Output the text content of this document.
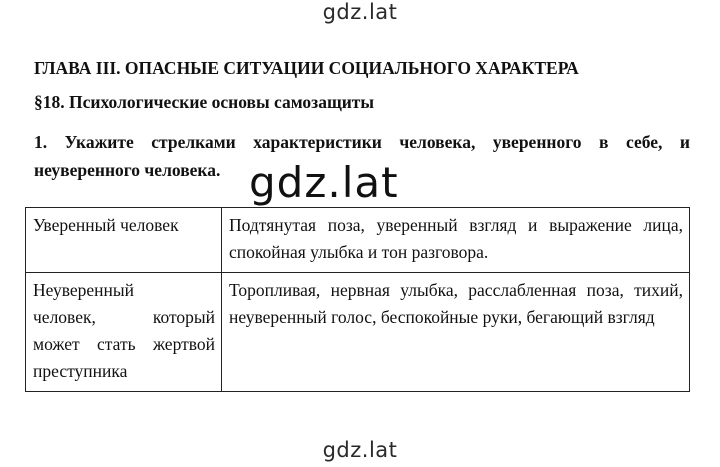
gdz.lat
ГЛАВА III. ОПАСНЫЕ СИТУАЦИИ СОЦИАЛЬНОГО ХАРАКТЕРА
§18. Психологические основы самозащиты
1. Укажите стрелками характеристики человека, уверенного в себе, и неуверенного человека. gdz.lat
Уверенный человек	Подтянутая поза, уверенный взгляд и выражение лица, спокойная улыбка и тон разговора.

Неуверенный
человек, который
может стать жертвой
преступника	Торопливая, нервная улыбка, расслабленная поза, тихий, неуверенный голос, беспокойные руки, бегающий взгляд
gdz.lat
